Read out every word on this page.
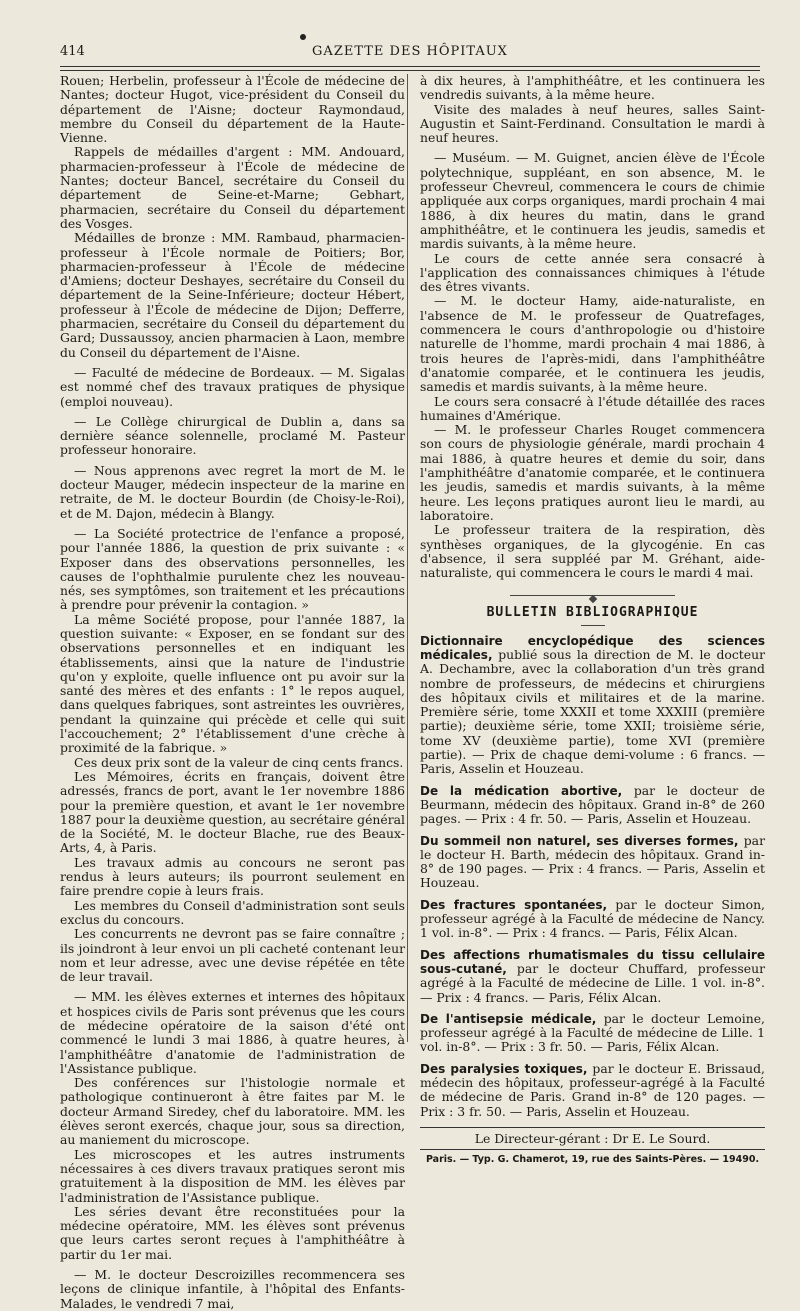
414	GAZETTE DES HÔPITAUX

Rouen; Herbelin, professeur à l'École de médecine de Nantes; docteur Hugot, vice-président du Conseil du département de l'Aisne; docteur Raymondaud, membre du Conseil du département de la Haute-Vienne.

Rappels de médailles d'argent : MM. Andouard, pharmacien-professeur à l'École de médecine de Nantes; docteur Bancel, secrétaire du Conseil du département de Seine-et-Marne; Gebhart, pharmacien, secrétaire du Conseil du département des Vosges.

Médailles de bronze : MM. Rambaud, pharmacien-professeur à l'École normale de Poitiers; Bor, pharmacien-professeur à l'École de médecine d'Amiens; docteur Deshayes, secrétaire du Conseil du département de la Seine-Inférieure; docteur Hébert, professeur à l'École de médecine de Dijon; Defferre, pharmacien, secrétaire du Conseil du département du Gard; Dussaussoy, ancien pharmacien à Laon, membre du Conseil du département de l'Aisne.

— Faculté de médecine de Bordeaux. — M. Sigalas est nommé chef des travaux pratiques de physique (emploi nouveau).

— Le Collège chirurgical de Dublin a, dans sa dernière séance solennelle, proclamé M. Pasteur professeur honoraire.

— Nous apprenons avec regret la mort de M. le docteur Mauger, médecin inspecteur de la marine en retraite, de M. le docteur Bourdin (de Choisy-le-Roi), et de M. Dajon, médecin à Blangy.

— La Société protectrice de l'enfance a proposé, pour l'année 1886, la question de prix suivante : « Exposer dans des observations personnelles, les causes de l'ophthalmie purulente chez les nouveau-nés, ses symptômes, son traitement et les précautions à prendre pour prévenir la contagion. »

La même Société propose, pour l'année 1887, la question suivante: « Exposer, en se fondant sur des observations personnelles et en indiquant les établissements, ainsi que la nature de l'industrie qu'on y exploite, quelle influence ont pu avoir sur la santé des mères et des enfants : 1° le repos auquel, dans quelques fabriques, sont astreintes les ouvrières, pendant la quinzaine qui précède et celle qui suit l'accouchement; 2° l'établissement d'une crèche à proximité de la fabrique. »

Ces deux prix sont de la valeur de cinq cents francs.

Les Mémoires, écrits en français, doivent être adressés, francs de port, avant le 1er novembre 1886 pour la première question, et avant le 1er novembre 1887 pour la deuxième question, au secrétaire général de la Société, M. le docteur Blache, rue des Beaux-Arts, 4, à Paris.

Les travaux admis au concours ne seront pas rendus à leurs auteurs; ils pourront seulement en faire prendre copie à leurs frais.

Les membres du Conseil d'administration sont seuls exclus du concours.

Les concurrents ne devront pas se faire connaître ; ils joindront à leur envoi un pli cacheté contenant leur nom et leur adresse, avec une devise répétée en tête de leur travail.

— MM. les élèves externes et internes des hôpitaux et hospices civils de Paris sont prévenus que les cours de médecine opératoire de la saison d'été ont commencé le lundi 3 mai 1886, à quatre heures, à l'amphithéâtre d'anatomie de l'administration de l'Assistance publique.

Des conférences sur l'histologie normale et pathologique continueront à être faites par M. le docteur Armand Siredey, chef du laboratoire. MM. les élèves seront exercés, chaque jour, sous sa direction, au maniement du microscope.

Les microscopes et les autres instruments nécessaires à ces divers travaux pratiques seront mis gratuitement à la disposition de MM. les élèves par l'administration de l'Assistance publique.

Les séries devant être reconstituées pour la médecine opératoire, MM. les élèves sont prévenus que leurs cartes seront reçues à l'amphithéâtre à partir du 1er mai.

— M. le docteur Descroizilles recommencera ses leçons de clinique infantile, à l'hôpital des Enfants-Malades, le vendredi 7 mai,

à dix heures, à l'amphithéâtre, et les continuera les vendredis suivants, à la même heure.

Visite des malades à neuf heures, salles Saint-Augustin et Saint-Ferdinand. Consultation le mardi à neuf heures.

— Muséum. — M. Guignet, ancien élève de l'École polytechnique, suppléant, en son absence, M. le professeur Chevreul, commencera le cours de chimie appliquée aux corps organiques, mardi prochain 4 mai 1886, à dix heures du matin, dans le grand amphithéâtre, et le continuera les jeudis, samedis et mardis suivants, à la même heure.

Le cours de cette année sera consacré à l'application des connaissances chimiques à l'étude des êtres vivants.

— M. le docteur Hamy, aide-naturaliste, en l'absence de M. le professeur de Quatrefages, commencera le cours d'anthropologie ou d'histoire naturelle de l'homme, mardi prochain 4 mai 1886, à trois heures de l'après-midi, dans l'amphithéâtre d'anatomie comparée, et le continuera les jeudis, samedis et mardis suivants, à la même heure.

Le cours sera consacré à l'étude détaillée des races humaines d'Amérique.

— M. le professeur Charles Rouget commencera son cours de physiologie générale, mardi prochain 4 mai 1886, à quatre heures et demie du soir, dans l'amphithéâtre d'anatomie comparée, et le continuera les jeudis, samedis et mardis suivants, à la même heure. Les leçons pratiques auront lieu le mardi, au laboratoire.

Le professeur traitera de la respiration, dès synthèses organiques, de la glycogénie. En cas d'absence, il sera suppléé par M. Gréhant, aide-naturaliste, qui commencera le cours le mardi 4 mai.

BULLETIN BIBLIOGRAPHIQUE
Dictionnaire encyclopédique des sciences médicales, publié sous la direction de M. le docteur A. Dechambre, avec la collaboration d'un très grand nombre de professeurs, de médecins et chirurgiens des hôpitaux civils et militaires et de la marine. Première série, tome XXXII et tome XXXIII (première partie); deuxième série, tome XXII; troisième série, tome XV (deuxième partie), tome XVI (première partie). — Prix de chaque demi-volume : 6 francs. — Paris, Asselin et Houzeau.
De la médication abortive, par le docteur de Beurmann, médecin des hôpitaux. Grand in-8° de 260 pages. — Prix : 4 fr. 50. — Paris, Asselin et Houzeau.
Du sommeil non naturel, ses diverses formes, par le docteur H. Barth, médecin des hôpitaux. Grand in-8° de 190 pages. — Prix : 4 francs. — Paris, Asselin et Houzeau.
Des fractures spontanées, par le docteur Simon, professeur agrégé à la Faculté de médecine de Nancy. 1 vol. in-8°. — Prix : 4 francs. — Paris, Félix Alcan.
Des affections rhumatismales du tissu cellulaire sous-cutané, par le docteur Chuffard, professeur agrégé à la Faculté de médecine de Lille. 1 vol. in-8°. — Prix : 4 francs. — Paris, Félix Alcan.
De l'antisepsie médicale, par le docteur Lemoine, professeur agrégé à la Faculté de médecine de Lille. 1 vol. in-8°. — Prix : 3 fr. 50. — Paris, Félix Alcan.
Des paralysies toxiques, par le docteur E. Brissaud, médecin des hôpitaux, professeur-agrégé à la Faculté de médecine de Paris. Grand in-8° de 120 pages. — Prix : 3 fr. 50. — Paris, Asselin et Houzeau.
Le Directeur-gérant : Dr E. Le Sourd.
Paris. — Typ. G. Chamerot, 19, rue des Saints-Pères. — 19490.
